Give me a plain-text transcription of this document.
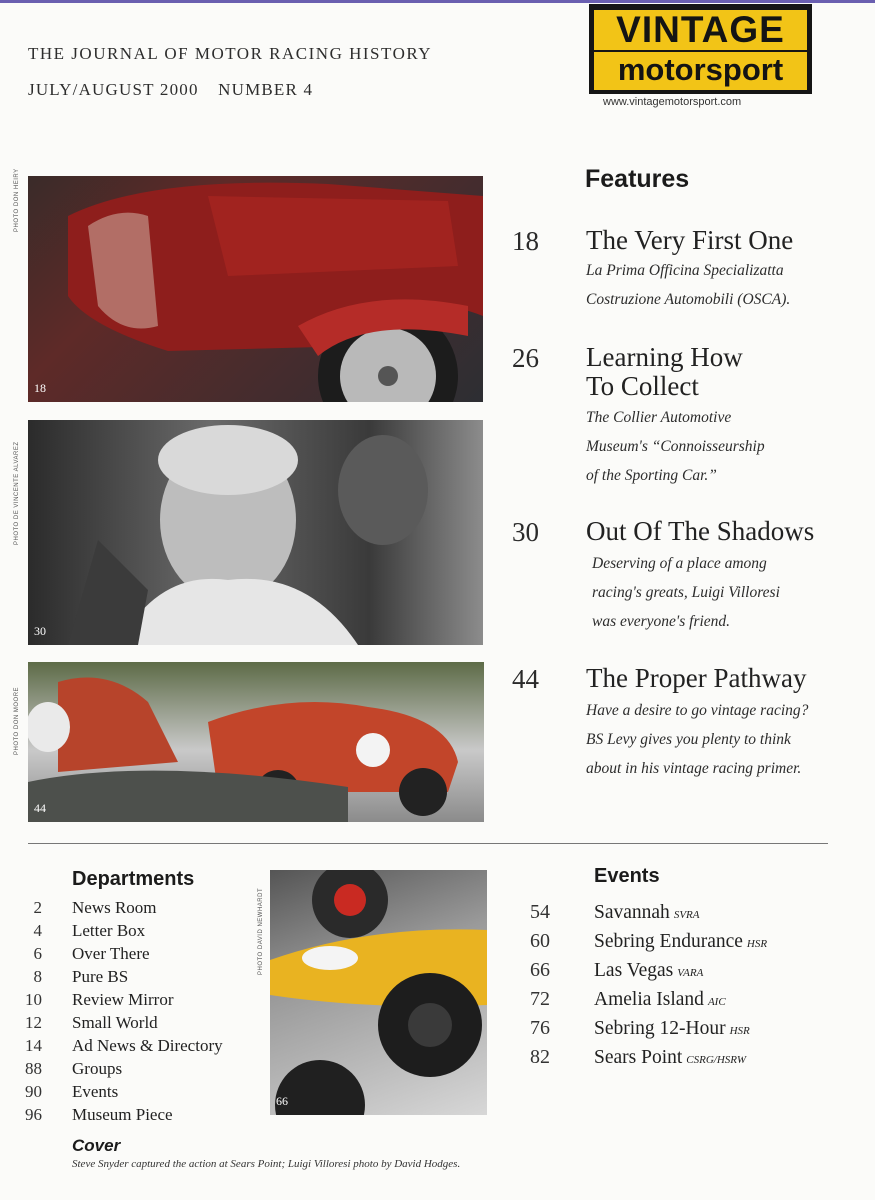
THE JOURNAL OF MOTOR RACING HISTORY
JULY/AUGUST 2000 NUMBER 4
VINTAGE
motorsport
www.vintagemotorsport.com
PHOTO DON HEIRY
18
PHOTO DE VINCENTE ALVAREZ
30
PHOTO DON MOORE
44
Features
18 The Very First One
La Prima Officina Specializatta
Costruzione Automobili (OSCA).
26 Learning How To Collect
The Collier Automotive
Museum's “Connoisseurship
of the Sporting Car.”
30 Out Of The Shadows
Deserving of a place among
racing's greats, Luigi Villoresi
was everyone's friend.
44 The Proper Pathway
Have a desire to go vintage racing?
BS Levy gives you plenty to think
about in his vintage racing primer.
Departments
2 News Room
4 Letter Box
6 Over There
8 Pure BS
10 Review Mirror
12 Small World
14 Ad News & Directory
88 Groups
90 Events
96 Museum Piece
PHOTO DAVID NEWHARDT
66
Events
54 Savannah SVRA
60 Sebring Endurance HSR
66 Las Vegas VARA
72 Amelia Island AIC
76 Sebring 12-Hour HSR
82 Sears Point CSRG/HSRW
Cover
Steve Snyder captured the action at Sears Point; Luigi Villoresi photo by David Hodges.
